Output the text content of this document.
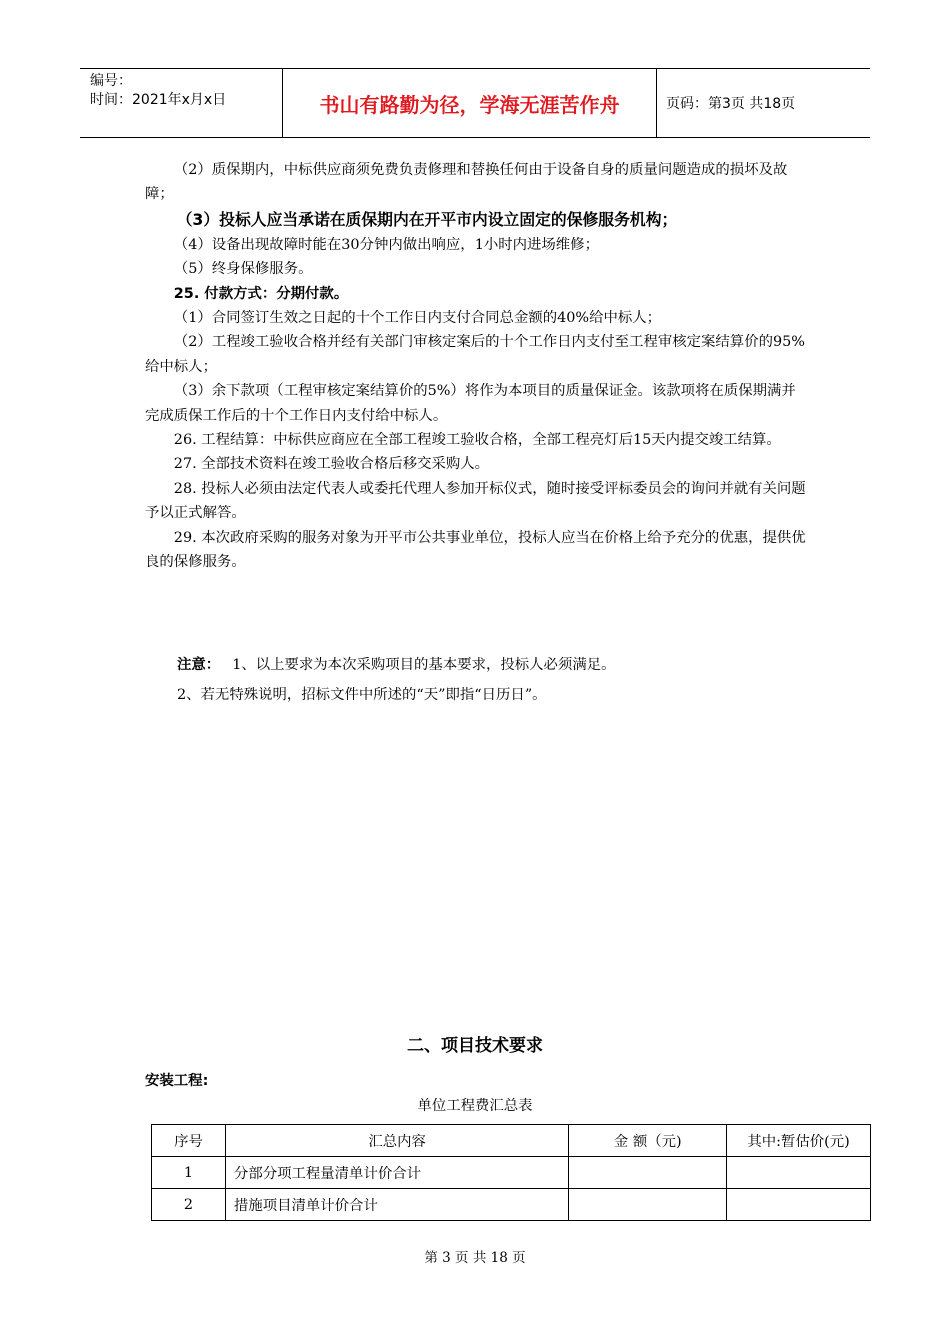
编号：
时间：2021年x月x日	书山有路勤为径，学海无涯苦作舟	页码：第3页 共18页

（2）质保期内，中标供应商须免费负责修理和替换任何由于设备自身的质量问题造成的损坏及故障；

（3）投标人应当承诺在质保期内在开平市内设立固定的保修服务机构；

（4）设备出现故障时能在30分钟内做出响应，1小时内进场维修；

（5）终身保修服务。

25. 付款方式：分期付款。

（1）合同签订生效之日起的十个工作日内支付合同总金额的40%给中标人；

（2）工程竣工验收合格并经有关部门审核定案后的十个工作日内支付至工程审核定案结算价的95%给中标人；

（3）余下款项（工程审核定案结算价的5%）将作为本项目的质量保证金。该款项将在质保期满并完成质保工作后的十个工作日内支付给中标人。

26. 工程结算：中标供应商应在全部工程竣工验收合格，全部工程亮灯后15天内提交竣工结算。

27. 全部技术资料在竣工验收合格后移交采购人。

28. 投标人必须由法定代表人或委托代理人参加开标仪式，随时接受评标委员会的询问并就有关问题予以正式解答。

29. 本次政府采购的服务对象为开平市公共事业单位，投标人应当在价格上给予充分的优惠，提供优良的保修服务。

注意： 1、以上要求为本次采购项目的基本要求，投标人必须满足。
2、若无特殊说明，招标文件中所述的“天”即指“日历日”。
二、项目技术要求
安装工程:
单位工程费汇总表
序号	汇总内容	金 额（元)	其中:暂估价(元)
1	分部分项工程量清单计价合计		
2	措施项目清单计价合计		
第 3 页 共 18 页
